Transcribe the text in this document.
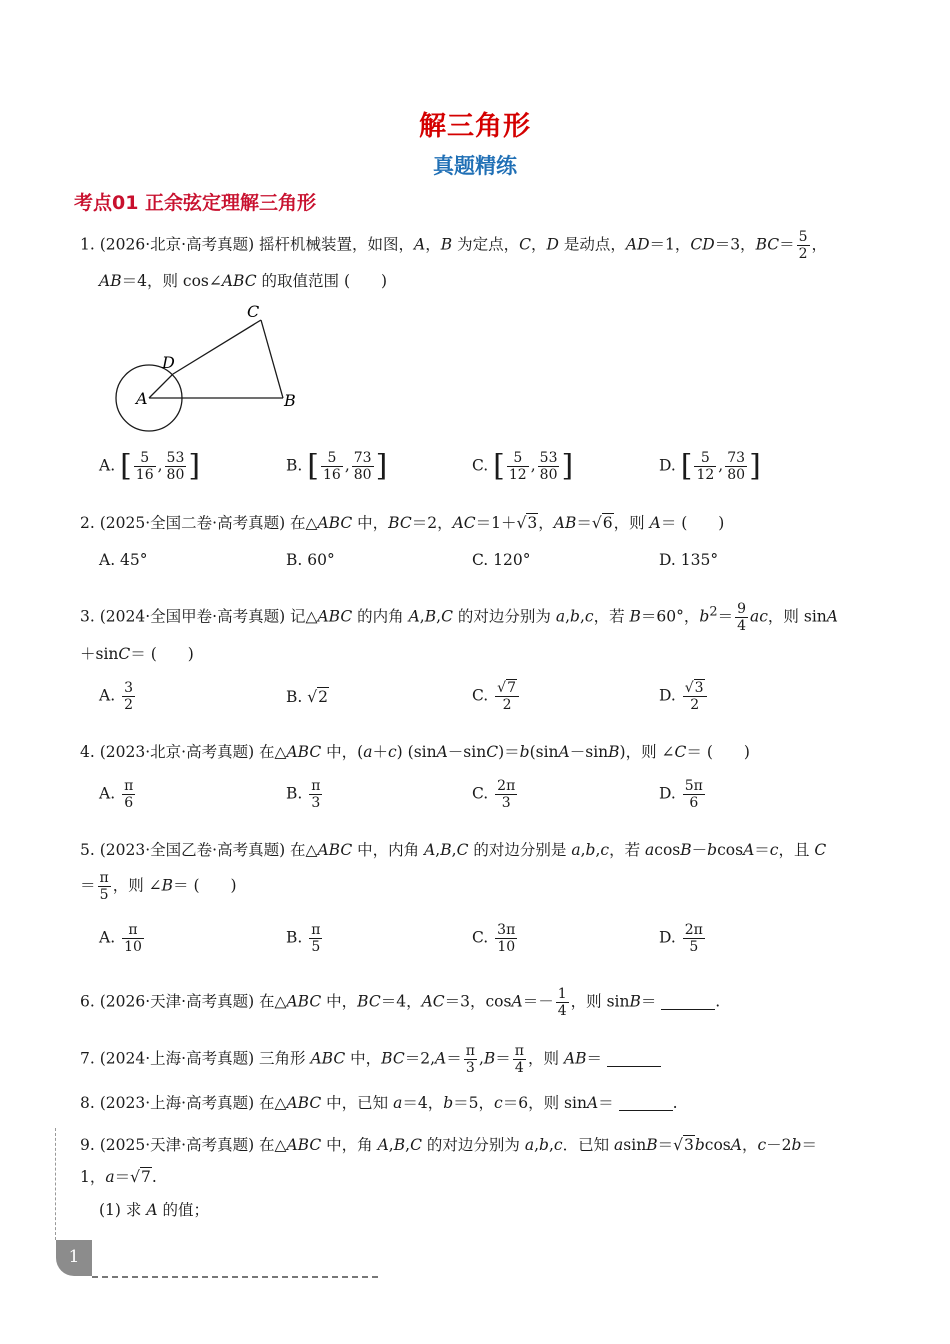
解三角形
真题精练
考点01 正余弦定理解三角形
1. (2026·北京·高考真题) 摇杆机械装置，如图，A，B 为定点，C，D 是动点，AD＝1，CD＝3，$BC= \frac{5}{2}$ ，
AB＝4，则 cos∠ABC 的取值范围 (　　)
C
D
A	B
A. [ $\frac{5}{16}$ , $\frac{53}{80}$ ]	B. [ $\frac{5}{16}$ , $\frac{73}{80}$ ]	C. [ $\frac{5}{12}$ , $\frac{53}{80}$ ]	D. [ $\frac{5}{12}$ , $\frac{73}{80}$ ]
2. (2025·全国二卷·高考真题) 在△ABC 中，BC＝2，AC＝1＋√3，AB＝√6，则 A＝ (　　)
A. 45°	B. 60°	C. 120°	D. 135°
3. (2024·全国甲卷·高考真题) 记△ABC 的内角 A,B,C 的对边分别为 a,b,c，若 B＝60°，$b^2= \frac{9}{4}$ ac，则 sinA
＋sinC＝ (　　)
A. $\frac{3}{2}$	B. √2	C. $\frac{√7}{2}$	D. $\frac{√3}{2}$
4. (2023·北京·高考真题) 在△ABC 中，(a＋c) (sinA－sinC)＝b(sinA－sinB)，则 ∠C＝ (　　)
A. $\frac{\pi}{6}$	B. $\frac{\pi}{3}$	C. $\frac{2\pi}{3}$	D. $\frac{5\pi}{6}$
5. (2023·全国乙卷·高考真题) 在△ABC 中，内角 A,B,C 的对边分别是 a,b,c，若 acosB－bcosA＝c，且 C
＝ $\frac{\pi}{5}$ ，则 ∠B＝ (　　)
A. $\frac{\pi}{10}$	B. $\frac{\pi}{5}$	C. $\frac{3\pi}{10}$	D. $\frac{2\pi}{5}$
6. (2026·天津·高考真题) 在△ABC 中，BC＝4，AC＝3，$\cos A=- \frac{1}{4}$ ，则 sinB＝	.
7. (2024·上海·高考真题) 三角形 ABC 中，$BC=2,A= \frac{\pi}{3} ,B= \frac{\pi}{4}$ ，则 AB＝
8. (2023·上海·高考真题) 在△ABC 中，已知 a＝4，b＝5，c＝6，则 sinA＝	.
9. (2025·天津·高考真题) 在△ABC 中，角 A,B,C 的对边分别为 a,b,c．已知 asinB＝√3bcosA，c－2b＝
1，a＝√7.
(1) 求 A 的值；
1
